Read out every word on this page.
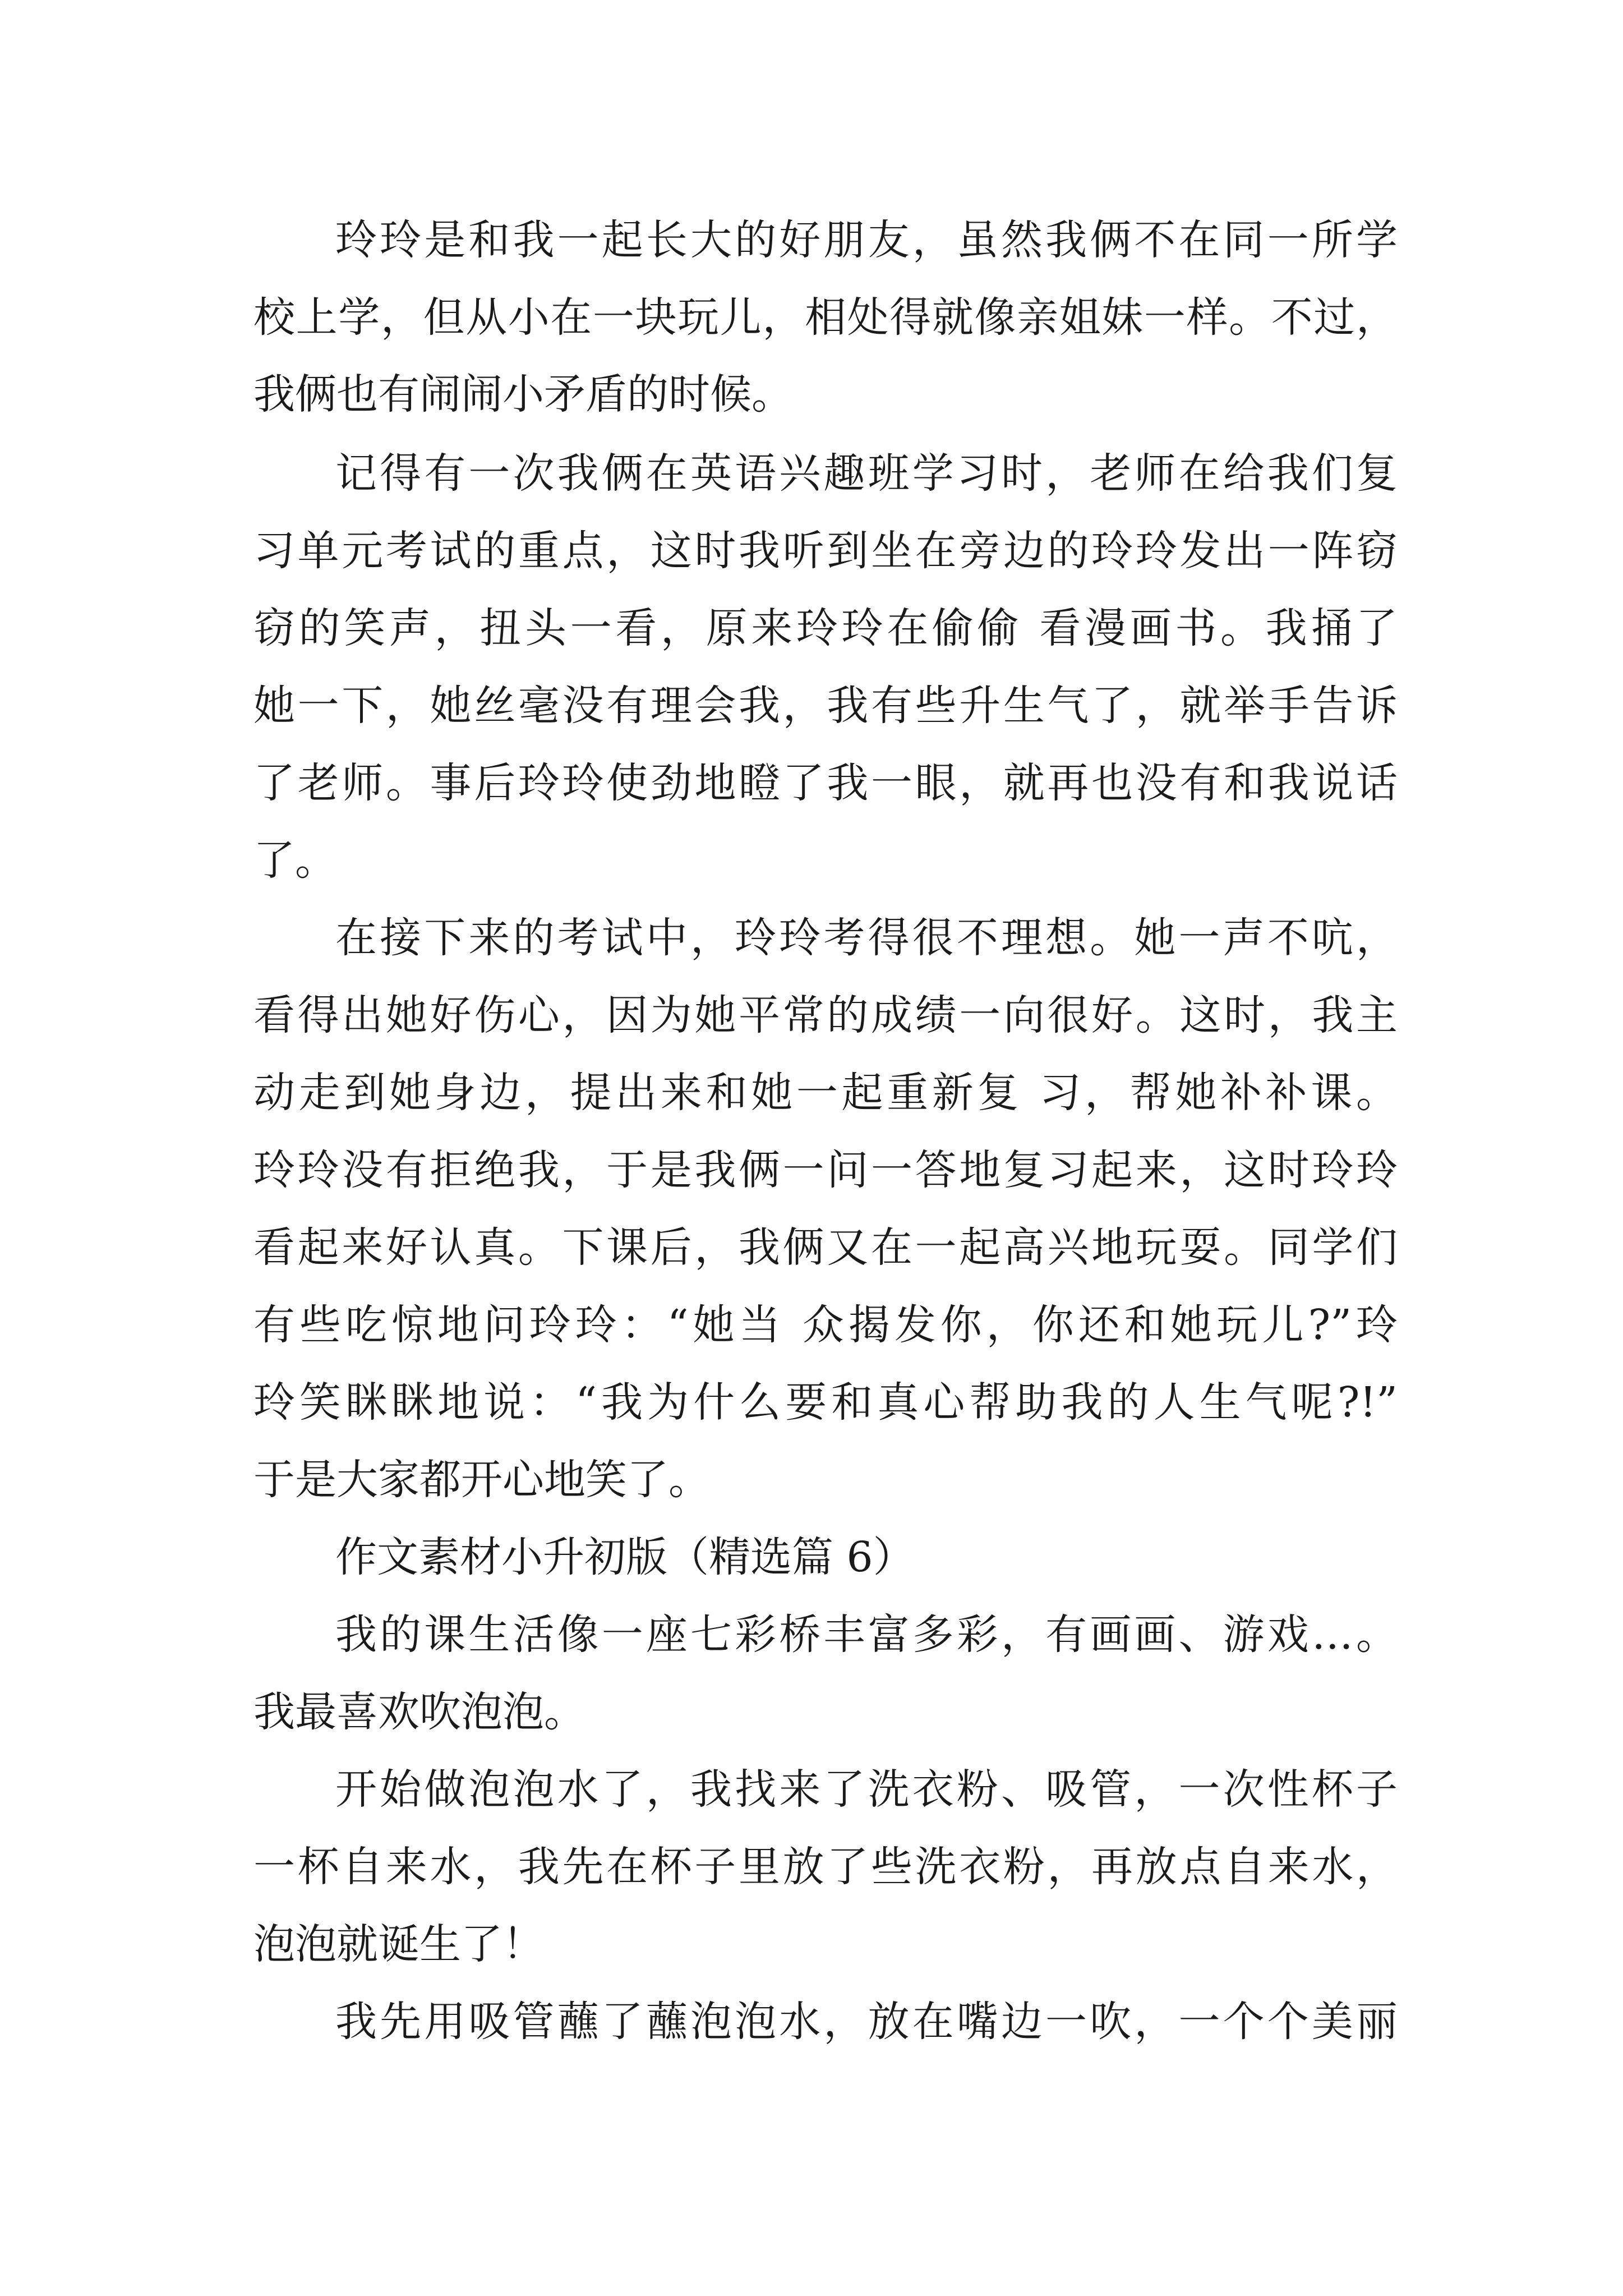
玲玲是和我一起长大的好朋友，虽然我俩不在同一所学
校上学，但从小在一块玩儿，相处得就像亲姐妹一样。不过，
我俩也有闹闹小矛盾的时候。
记得有一次我俩在英语兴趣班学习时，老师在给我们复
习单元考试的重点，这时我听到坐在旁边的玲玲发出一阵窃
窃的笑声，扭头一看，原来玲玲在偷偷 看漫画书。我捅了
她一下，她丝毫没有理会我，我有些升生气了，就举手告诉
了老师。事后玲玲使劲地瞪了我一眼，就再也没有和我说话
了。
在接下来的考试中，玲玲考得很不理想。她一声不吭，
看得出她好伤心，因为她平常的成绩一向很好。这时，我主
动走到她身边，提出来和她一起重新复 习，帮她补补课。
玲玲没有拒绝我，于是我俩一问一答地复习起来，这时玲玲
看起来好认真。下课后，我俩又在一起高兴地玩耍。同学们
有些吃惊地问玲玲：“她当 众揭发你，你还和她玩儿?”玲
玲笑眯眯地说：“我为什么要和真心帮助我的人生气呢?!”
于是大家都开心地笑了。
作文素材小升初版（精选篇 6）
我的课生活像一座七彩桥丰富多彩，有画画、游戏…。
我最喜欢吹泡泡。
开始做泡泡水了，我找来了洗衣粉、吸管，一次性杯子
一杯自来水，我先在杯子里放了些洗衣粉，再放点自来水，
泡泡就诞生了！
我先用吸管蘸了蘸泡泡水，放在嘴边一吹，一个个美丽
